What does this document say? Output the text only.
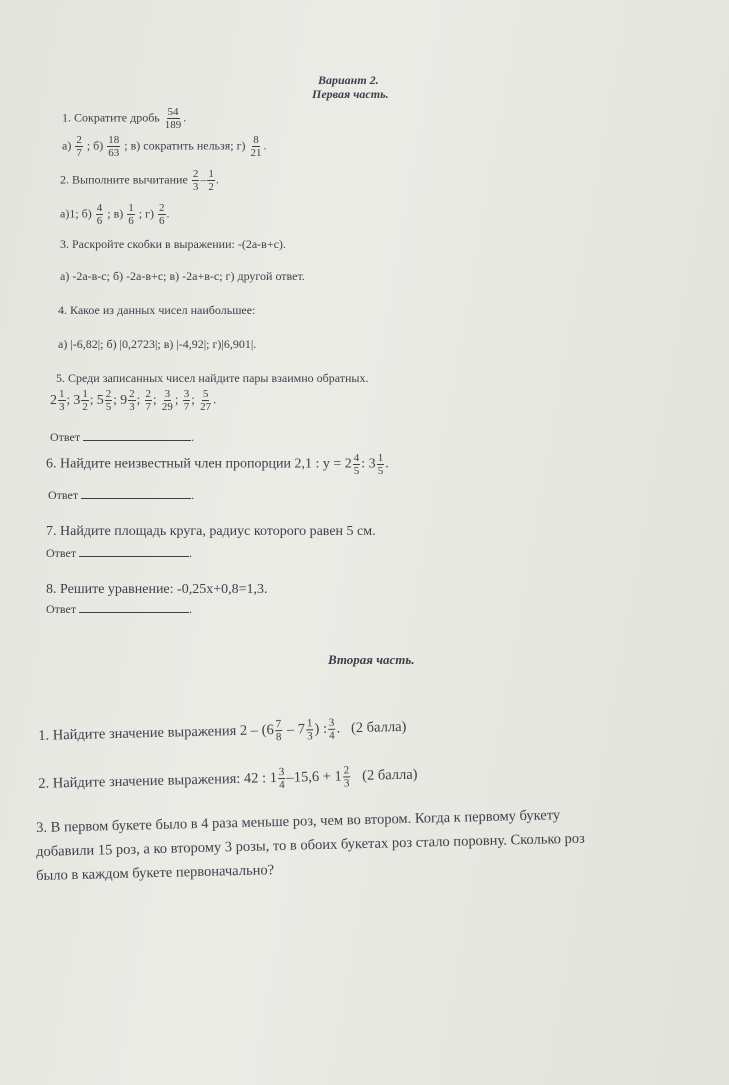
Вариант 2.
Первая часть.
1. Сократите дробь $\frac{54}{189}$ .
$а) \frac{2}{7}$ ; $б) \frac{18}{63}$ ; в) сократить нельзя; $г) \frac{8}{21}$ .
2. Выполните вычитание $\frac{2}{3} - \frac{1}{2}$ .
а)1; $б) \frac{4}{6}$ ; $в) \frac{1}{6}$ ; $г) \frac{2}{6}$ .
3. Раскройте скобки в выражении: -(2а-в+с).
а) -2а-в-с; б) -2а-в+с; в) -2а+в-с; г) другой ответ.
4. Какое из данных чисел наибольшее:
а) |-6,82|; б) |0,2723|; в) |-4,92|; г)|6,901|.
5. Среди записанных чисел найдите пары взаимно обратных.
$2 \frac{1}{3}$ ; $3 \frac{1}{2}$ ; $5 \frac{2}{5}$ ; $9 \frac{2}{3}$ ; $\frac{2}{7}$ ; $\frac{3}{29}$ ; $\frac{3}{7}$ ; $\frac{5}{27}$ .
Ответ	.
6. Найдите неизвестный член пропорции 2,1 : $y = 2 \frac{4}{5}$ : $3 \frac{1}{5}$ .
Ответ	.
7. Найдите площадь круга, радиус которого равен 5 см.
Ответ	.
8. Решите уравнение: -0,25x+0,8=1,3.
Ответ	.
Вторая часть.
1. Найдите значение выражения $2 - (6 \frac{7}{8} - 7 \frac{1}{3}$ ) : $\frac{3}{4}$ .   (2 балла)
2. Найдите значение выражения: 42 : $1 \frac{3}{4} -15,6 + 1 \frac{2}{3} (2$ балла)
3. В первом букете было в 4 раза меньше роз, чем во втором. Когда к первому букету
добавили 15 роз, а ко второму 3 розы, то в обоих букетах роз стало поровну. Сколько роз
было в каждом букете первоначально?
